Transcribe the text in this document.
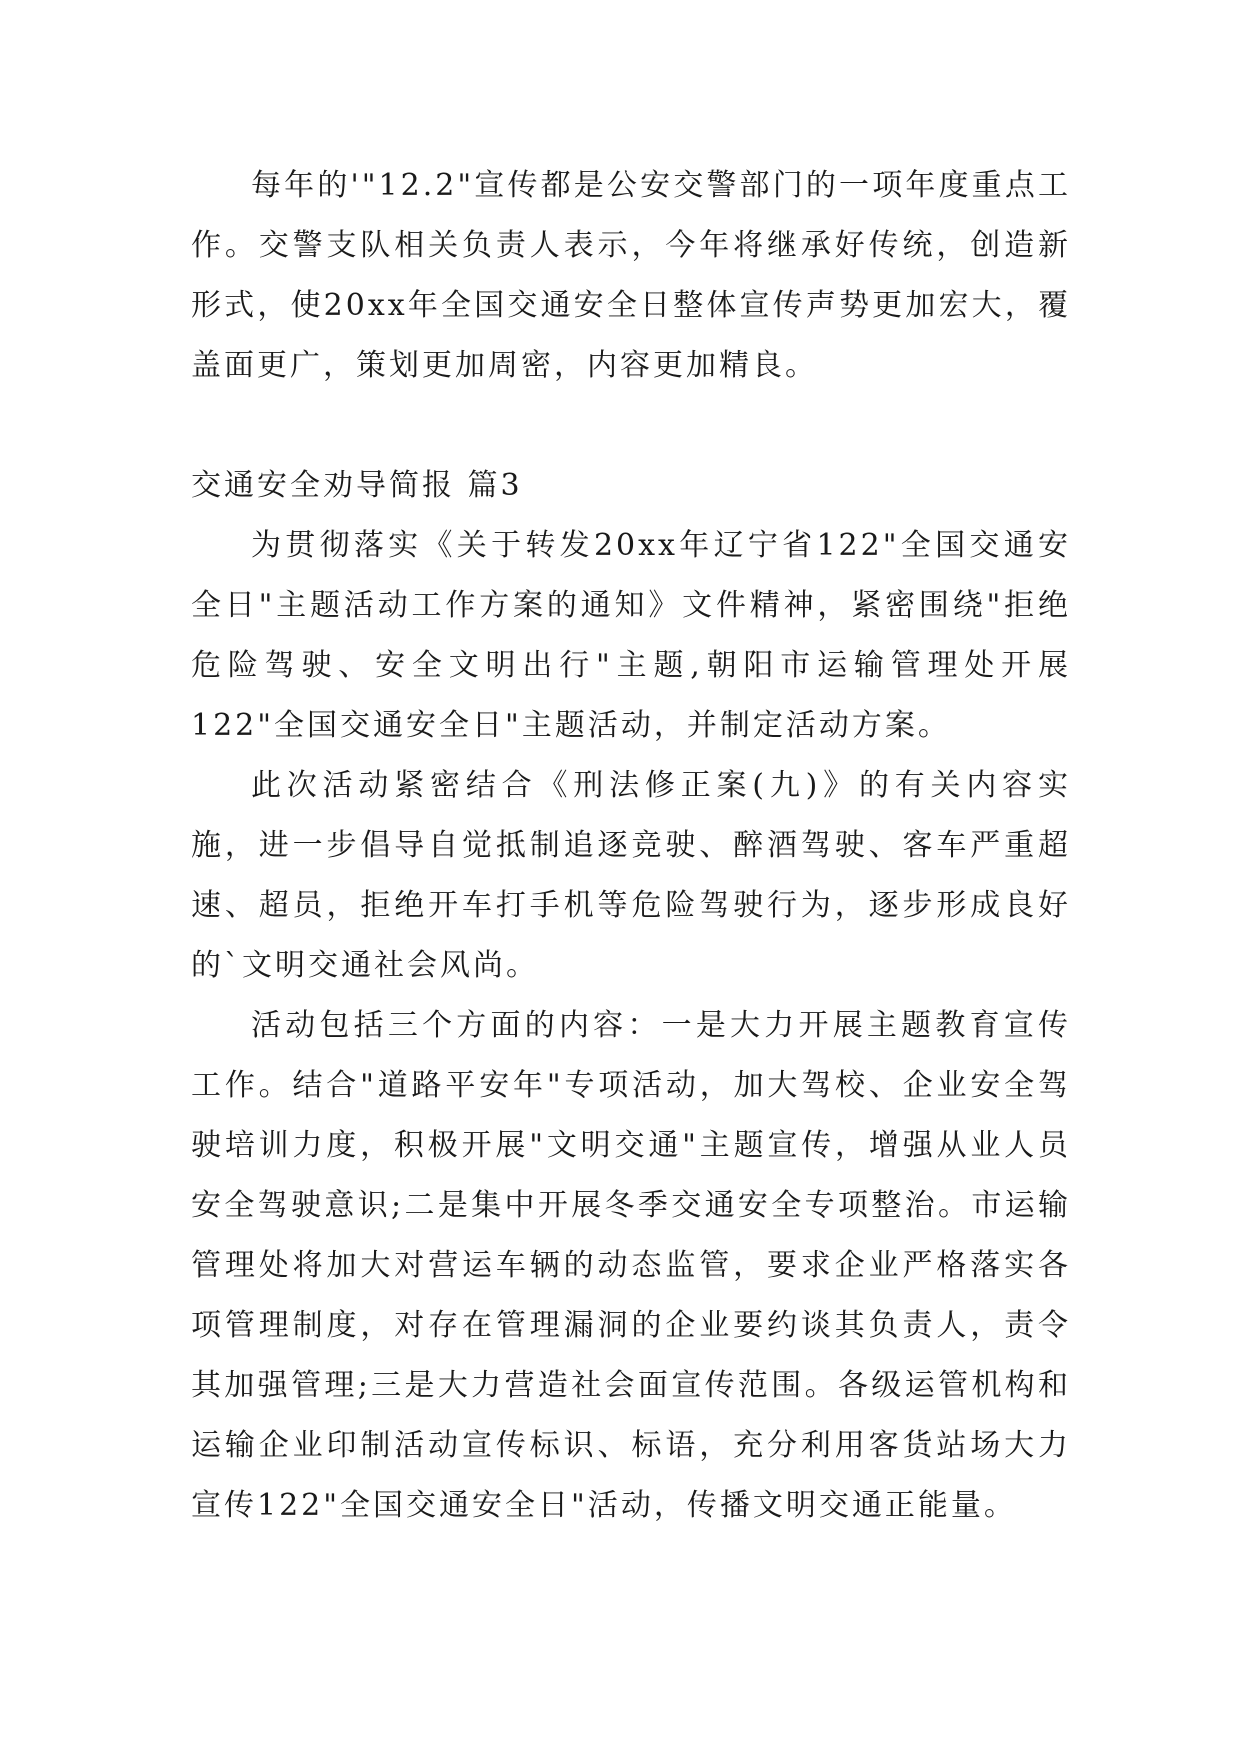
每年的'"12.2"宣传都是公安交警部门的一项年度重点工作。交警支队相关负责人表示，今年将继承好传统，创造新形式，使20xx年全国交通安全日整体宣传声势更加宏大，覆盖面更广，策划更加周密，内容更加精良。

交通安全劝导简报 篇3

为贯彻落实《关于转发20xx年辽宁省122"全国交通安全日"主题活动工作方案的通知》文件精神，紧密围绕"拒绝危险驾驶、安全文明出行"主题,朝阳市运输管理处开展122"全国交通安全日"主题活动，并制定活动方案。

此次活动紧密结合《刑法修正案(九)》的有关内容实施，进一步倡导自觉抵制追逐竞驶、醉酒驾驶、客车严重超速、超员，拒绝开车打手机等危险驾驶行为，逐步形成良好的`文明交通社会风尚。

活动包括三个方面的内容：一是大力开展主题教育宣传工作。结合"道路平安年"专项活动，加大驾校、企业安全驾驶培训力度，积极开展"文明交通"主题宣传，增强从业人员安全驾驶意识;二是集中开展冬季交通安全专项整治。市运输管理处将加大对营运车辆的动态监管，要求企业严格落实各项管理制度，对存在管理漏洞的企业要约谈其负责人，责令其加强管理;三是大力营造社会面宣传范围。各级运管机构和运输企业印制活动宣传标识、标语，充分利用客货站场大力宣传122"全国交通安全日"活动，传播文明交通正能量。
